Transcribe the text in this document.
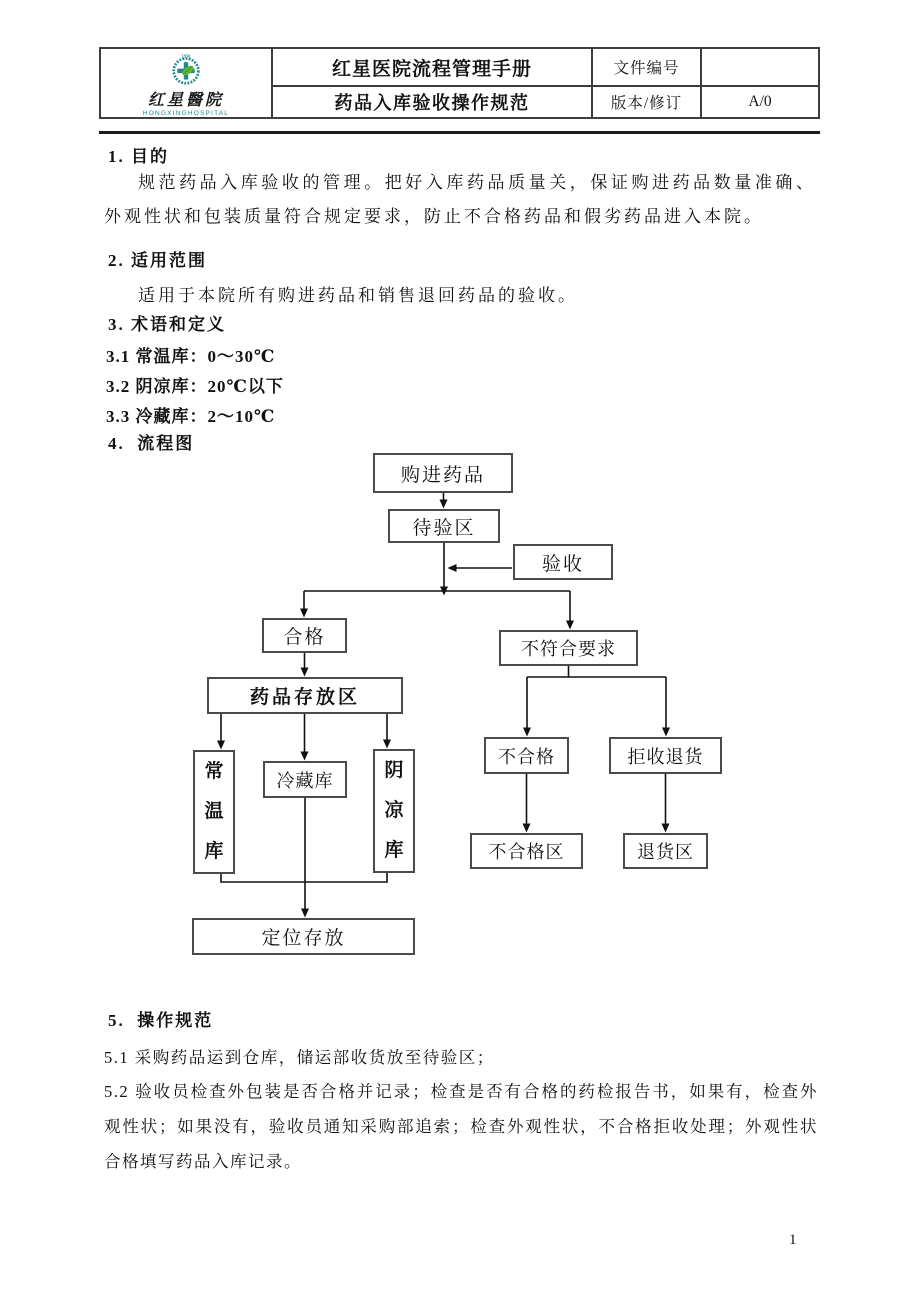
1950
红星醫院
HONGXINGHOSPITAL
红星医院流程管理手册	文件编号
药品入库验收操作规范	版本/修订	A/0
1. 目的
规范药品入库验收的管理。把好入库药品质量关，保证购进药品数量准确、外观性状和包装质量符合规定要求，防止不合格药品和假劣药品进入本院。
2. 适用范围
适用于本院所有购进药品和销售退回药品的验收。
3. 术语和定义
3.1 常温库：0～30℃
3.2 阴凉库：20℃以下
3.3 冷藏库：2～10℃
4.  流程图
购进药品
待验区
验收
合格
不符合要求
药品存放区
常温库
冷藏库	阴凉库
不合格	拒收退货
不合格区	退货区
定位存放
5.  操作规范
5.1 采购药品运到仓库，储运部收货放至待验区；
5.2 验收员检查外包装是否合格并记录；检查是否有合格的药检报告书，如果有，检查外观性状；如果没有，验收员通知采购部追索；检查外观性状，不合格拒收处理；外观性状合格填写药品入库记录。
1
